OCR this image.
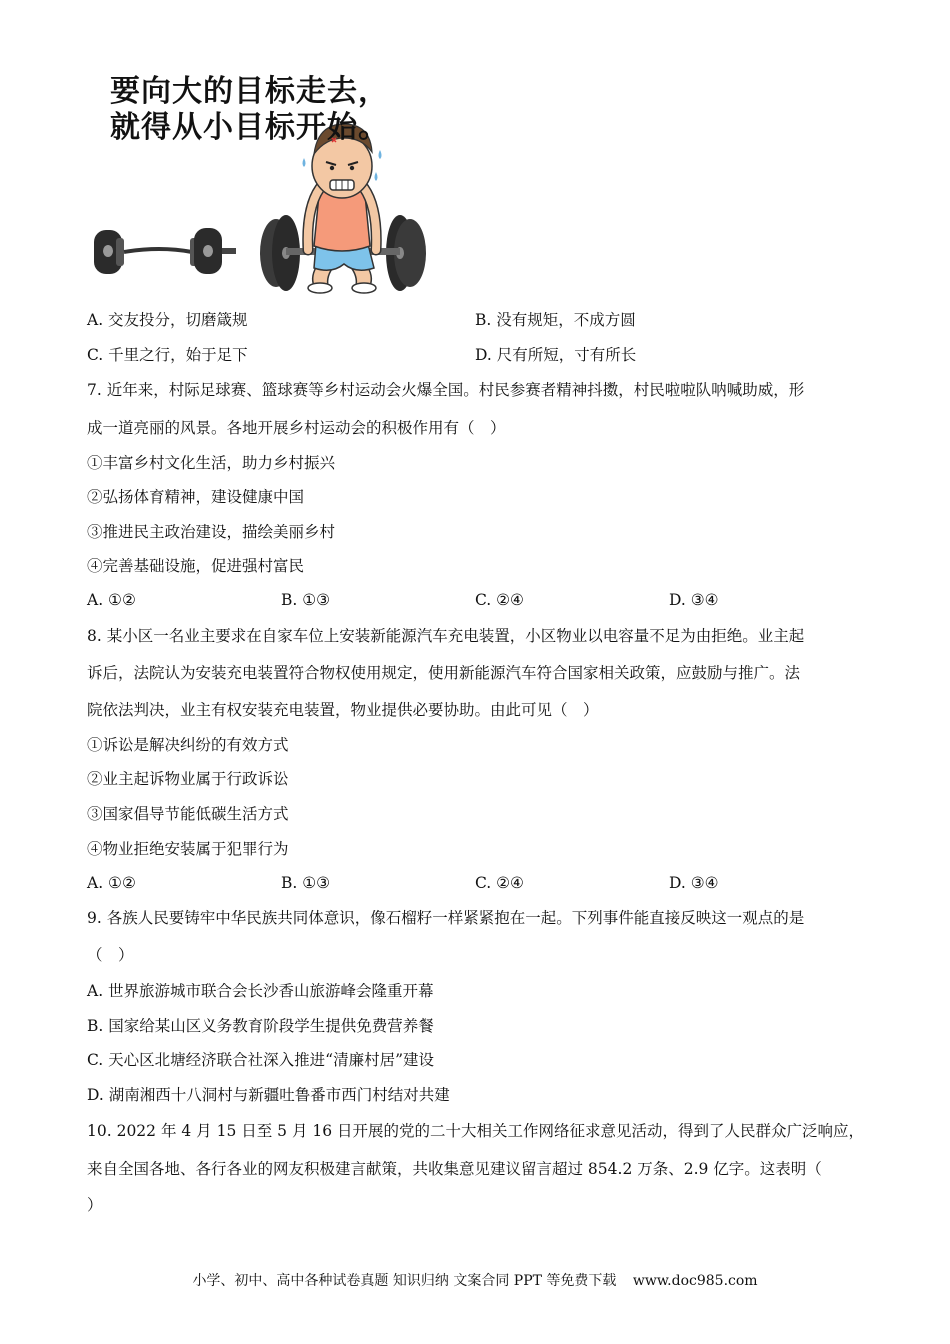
要向大的目标走去，
就得从小目标开始。
A. 交友投分，切磨箴规	B. 没有规矩，不成方圆
C. 千里之行，始于足下	D. 尺有所短，寸有所长
7. 近年来，村际足球赛、篮球赛等乡村运动会火爆全国。村民参赛者精神抖擞，村民啦啦队呐喊助威，形
成一道亮丽的风景。各地开展乡村运动会的积极作用有（　）
①丰富乡村文化生活，助力乡村振兴
②弘扬体育精神，建设健康中国
③推进民主政治建设，描绘美丽乡村
④完善基础设施，促进强村富民
A. ①②	B. ①③	C. ②④	D. ③④
8. 某小区一名业主要求在自家车位上安装新能源汽车充电装置，小区物业以电容量不足为由拒绝。业主起
诉后，法院认为安装充电装置符合物权使用规定，使用新能源汽车符合国家相关政策，应鼓励与推广。法
院依法判决，业主有权安装充电装置，物业提供必要协助。由此可见（　）
①诉讼是解决纠纷的有效方式
②业主起诉物业属于行政诉讼
③国家倡导节能低碳生活方式
④物业拒绝安装属于犯罪行为
A. ①②	B. ①③	C. ②④	D. ③④
9. 各族人民要铸牢中华民族共同体意识，像石榴籽一样紧紧抱在一起。下列事件能直接反映这一观点的是
（　）
A. 世界旅游城市联合会长沙香山旅游峰会隆重开幕
B. 国家给某山区义务教育阶段学生提供免费营养餐
C. 天心区北塘经济联合社深入推进“清廉村居”建设
D. 湖南湘西十八洞村与新疆吐鲁番市西门村结对共建
10. 2022 年 4 月 15 日至 5 月 16 日开展的党的二十大相关工作网络征求意见活动，得到了人民群众广泛响应，
来自全国各地、各行各业的网友积极建言献策，共收集意见建议留言超过 854.2 万条、2.9 亿字。这表明（
）
小学、初中、高中各种试卷真题 知识归纳 文案合同 PPT 等免费下载 www.doc985.com
